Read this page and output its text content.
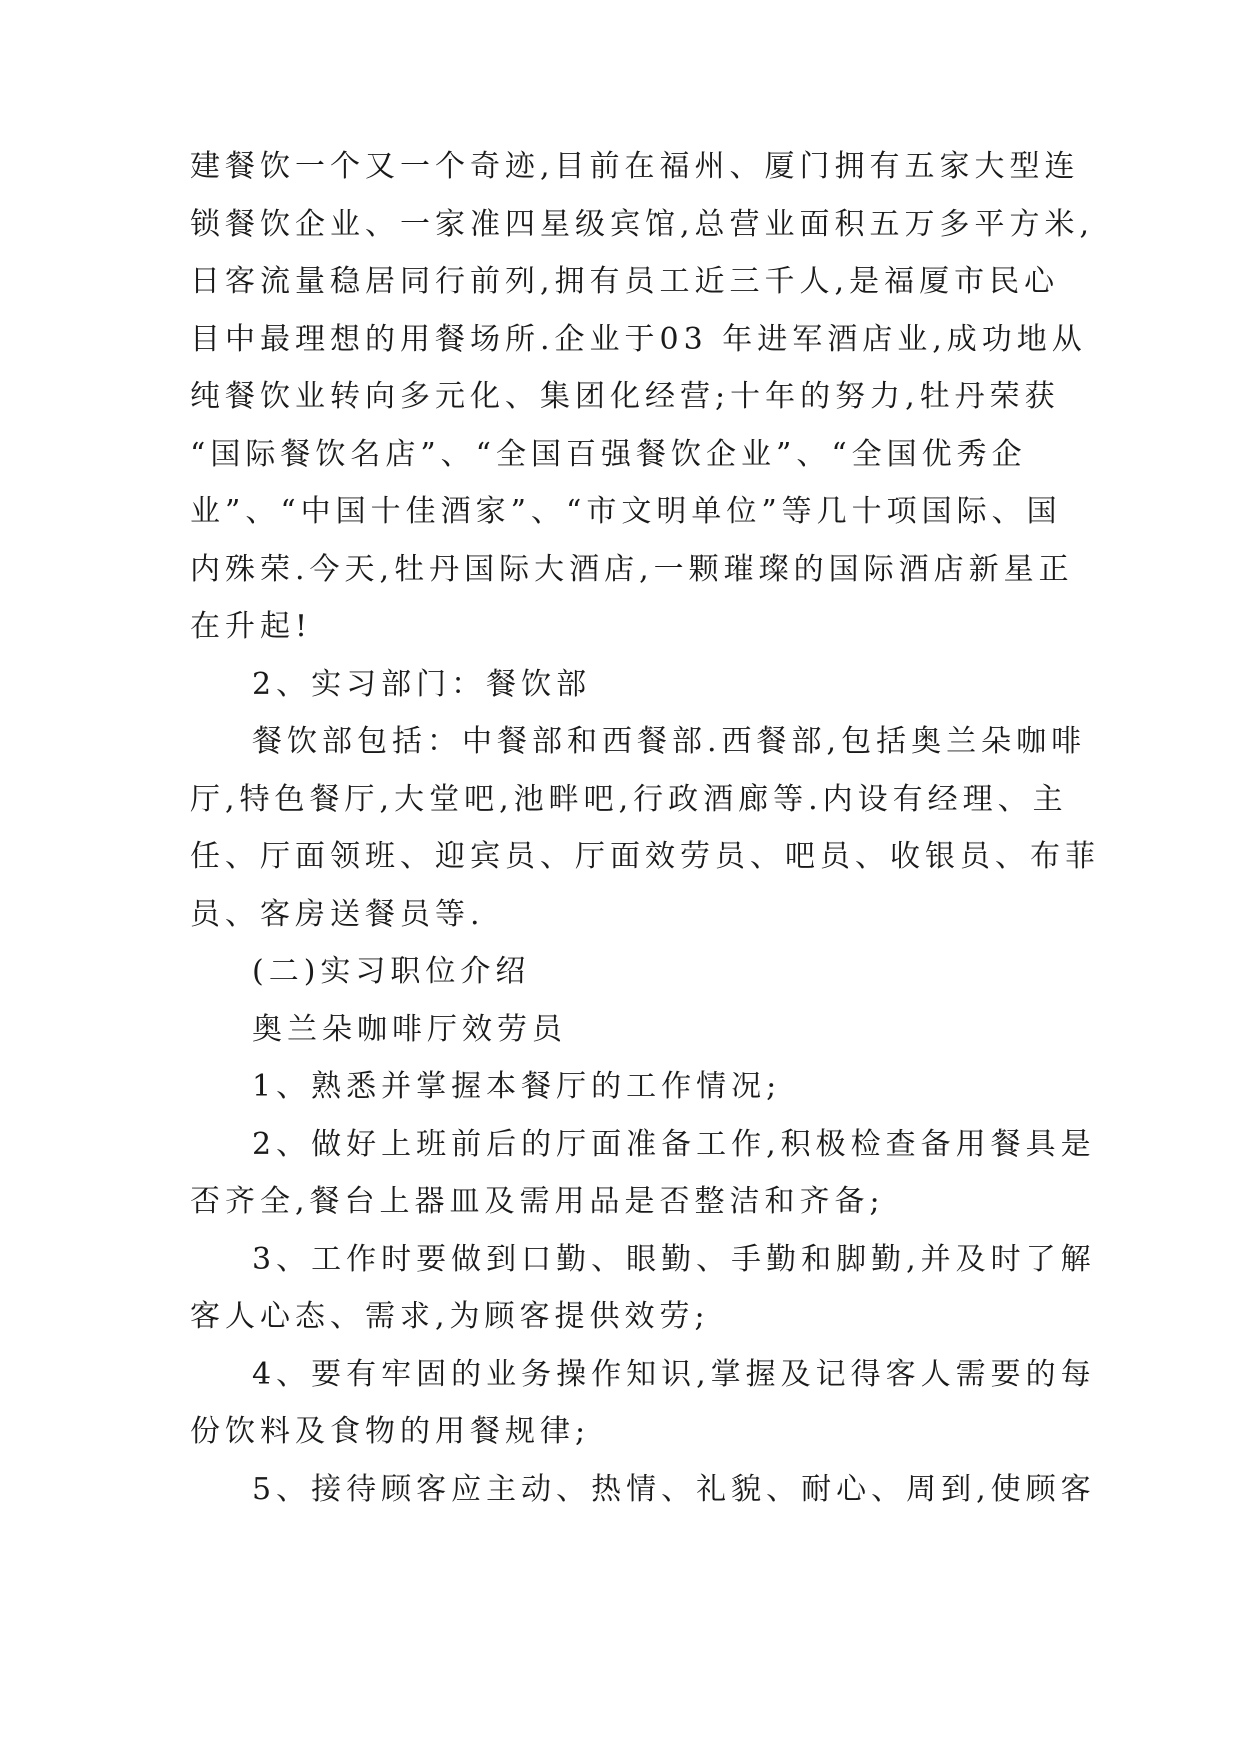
建餐饮一个又一个奇迹,目前在福州、厦门拥有五家大型连
锁餐饮企业、一家准四星级宾馆,总营业面积五万多平方米,
日客流量稳居同行前列,拥有员工近三千人,是福厦市民心
目中最理想的用餐场所.企业于03 年进军酒店业,成功地从
纯餐饮业转向多元化、集团化经营;十年的努力,牡丹荣获
“国际餐饮名店”、“全国百强餐饮企业”、“全国优秀企
业”、“中国十佳酒家”、“市文明单位”等几十项国际、国
内殊荣.今天,牡丹国际大酒店,一颗璀璨的国际酒店新星正
在升起!
2、实习部门：餐饮部
餐饮部包括：中餐部和西餐部.西餐部,包括奥兰朵咖啡
厅,特色餐厅,大堂吧,池畔吧,行政酒廊等.内设有经理、主
任、厅面领班、迎宾员、厅面效劳员、吧员、收银员、布菲
员、客房送餐员等.
(二)实习职位介绍
奥兰朵咖啡厅效劳员
1、熟悉并掌握本餐厅的工作情况;
2、做好上班前后的厅面准备工作,积极检查备用餐具是
否齐全,餐台上器皿及需用品是否整洁和齐备;
3、工作时要做到口勤、眼勤、手勤和脚勤,并及时了解
客人心态、需求,为顾客提供效劳;
4、要有牢固的业务操作知识,掌握及记得客人需要的每
份饮料及食物的用餐规律;
5、接待顾客应主动、热情、礼貌、耐心、周到,使顾客
